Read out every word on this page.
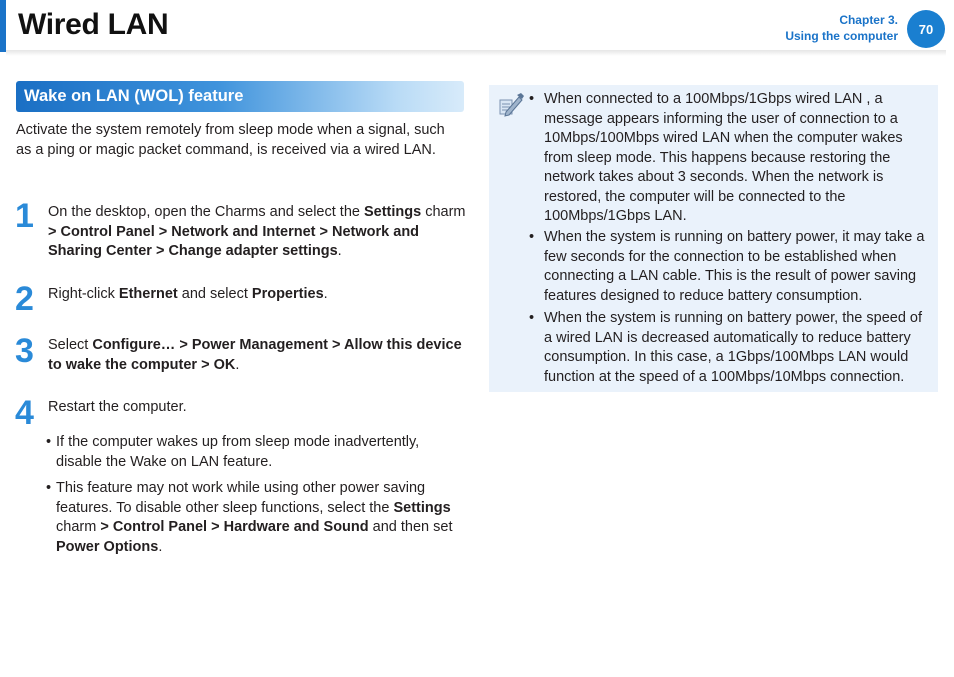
Wired LAN	Chapter 3.
Using the computer	70
Wake on LAN (WOL) feature

Activate the system remotely from sleep mode when a signal, such as a ping or magic packet command, is received via a wired LAN.

1 On the desktop, open the Charms and select the Settings charm > Control Panel > Network and Internet > Network and Sharing Center > Change adapter settings.

2 Right-click Ethernet and select Properties.

3 Select Configure… > Power Management > Allow this device to wake the computer > OK.

4 Restart the computer.

• If the computer wakes up from sleep mode inadvertently, disable the Wake on LAN feature.
• This feature may not work while using other power saving features. To disable other sleep functions, select the Settings charm > Control Panel > Hardware and Sound and then set Power Options.
• When connected to a 100Mbps/1Gbps wired LAN , a message appears informing the user of connection to a 10Mbps/100Mbps wired LAN when the computer wakes from sleep mode. This happens because restoring the network takes about 3 seconds. When the network is restored, the computer will be connected to the 100Mbps/1Gbps LAN.
• When the system is running on battery power, it may take a few seconds for the connection to be established when connecting a LAN cable. This is the result of power saving features designed to reduce battery consumption.
• When the system is running on battery power, the speed of a wired LAN is decreased automatically to reduce battery consumption. In this case, a 1Gbps/100Mbps LAN would function at the speed of a 100Mbps/10Mbps connection.
